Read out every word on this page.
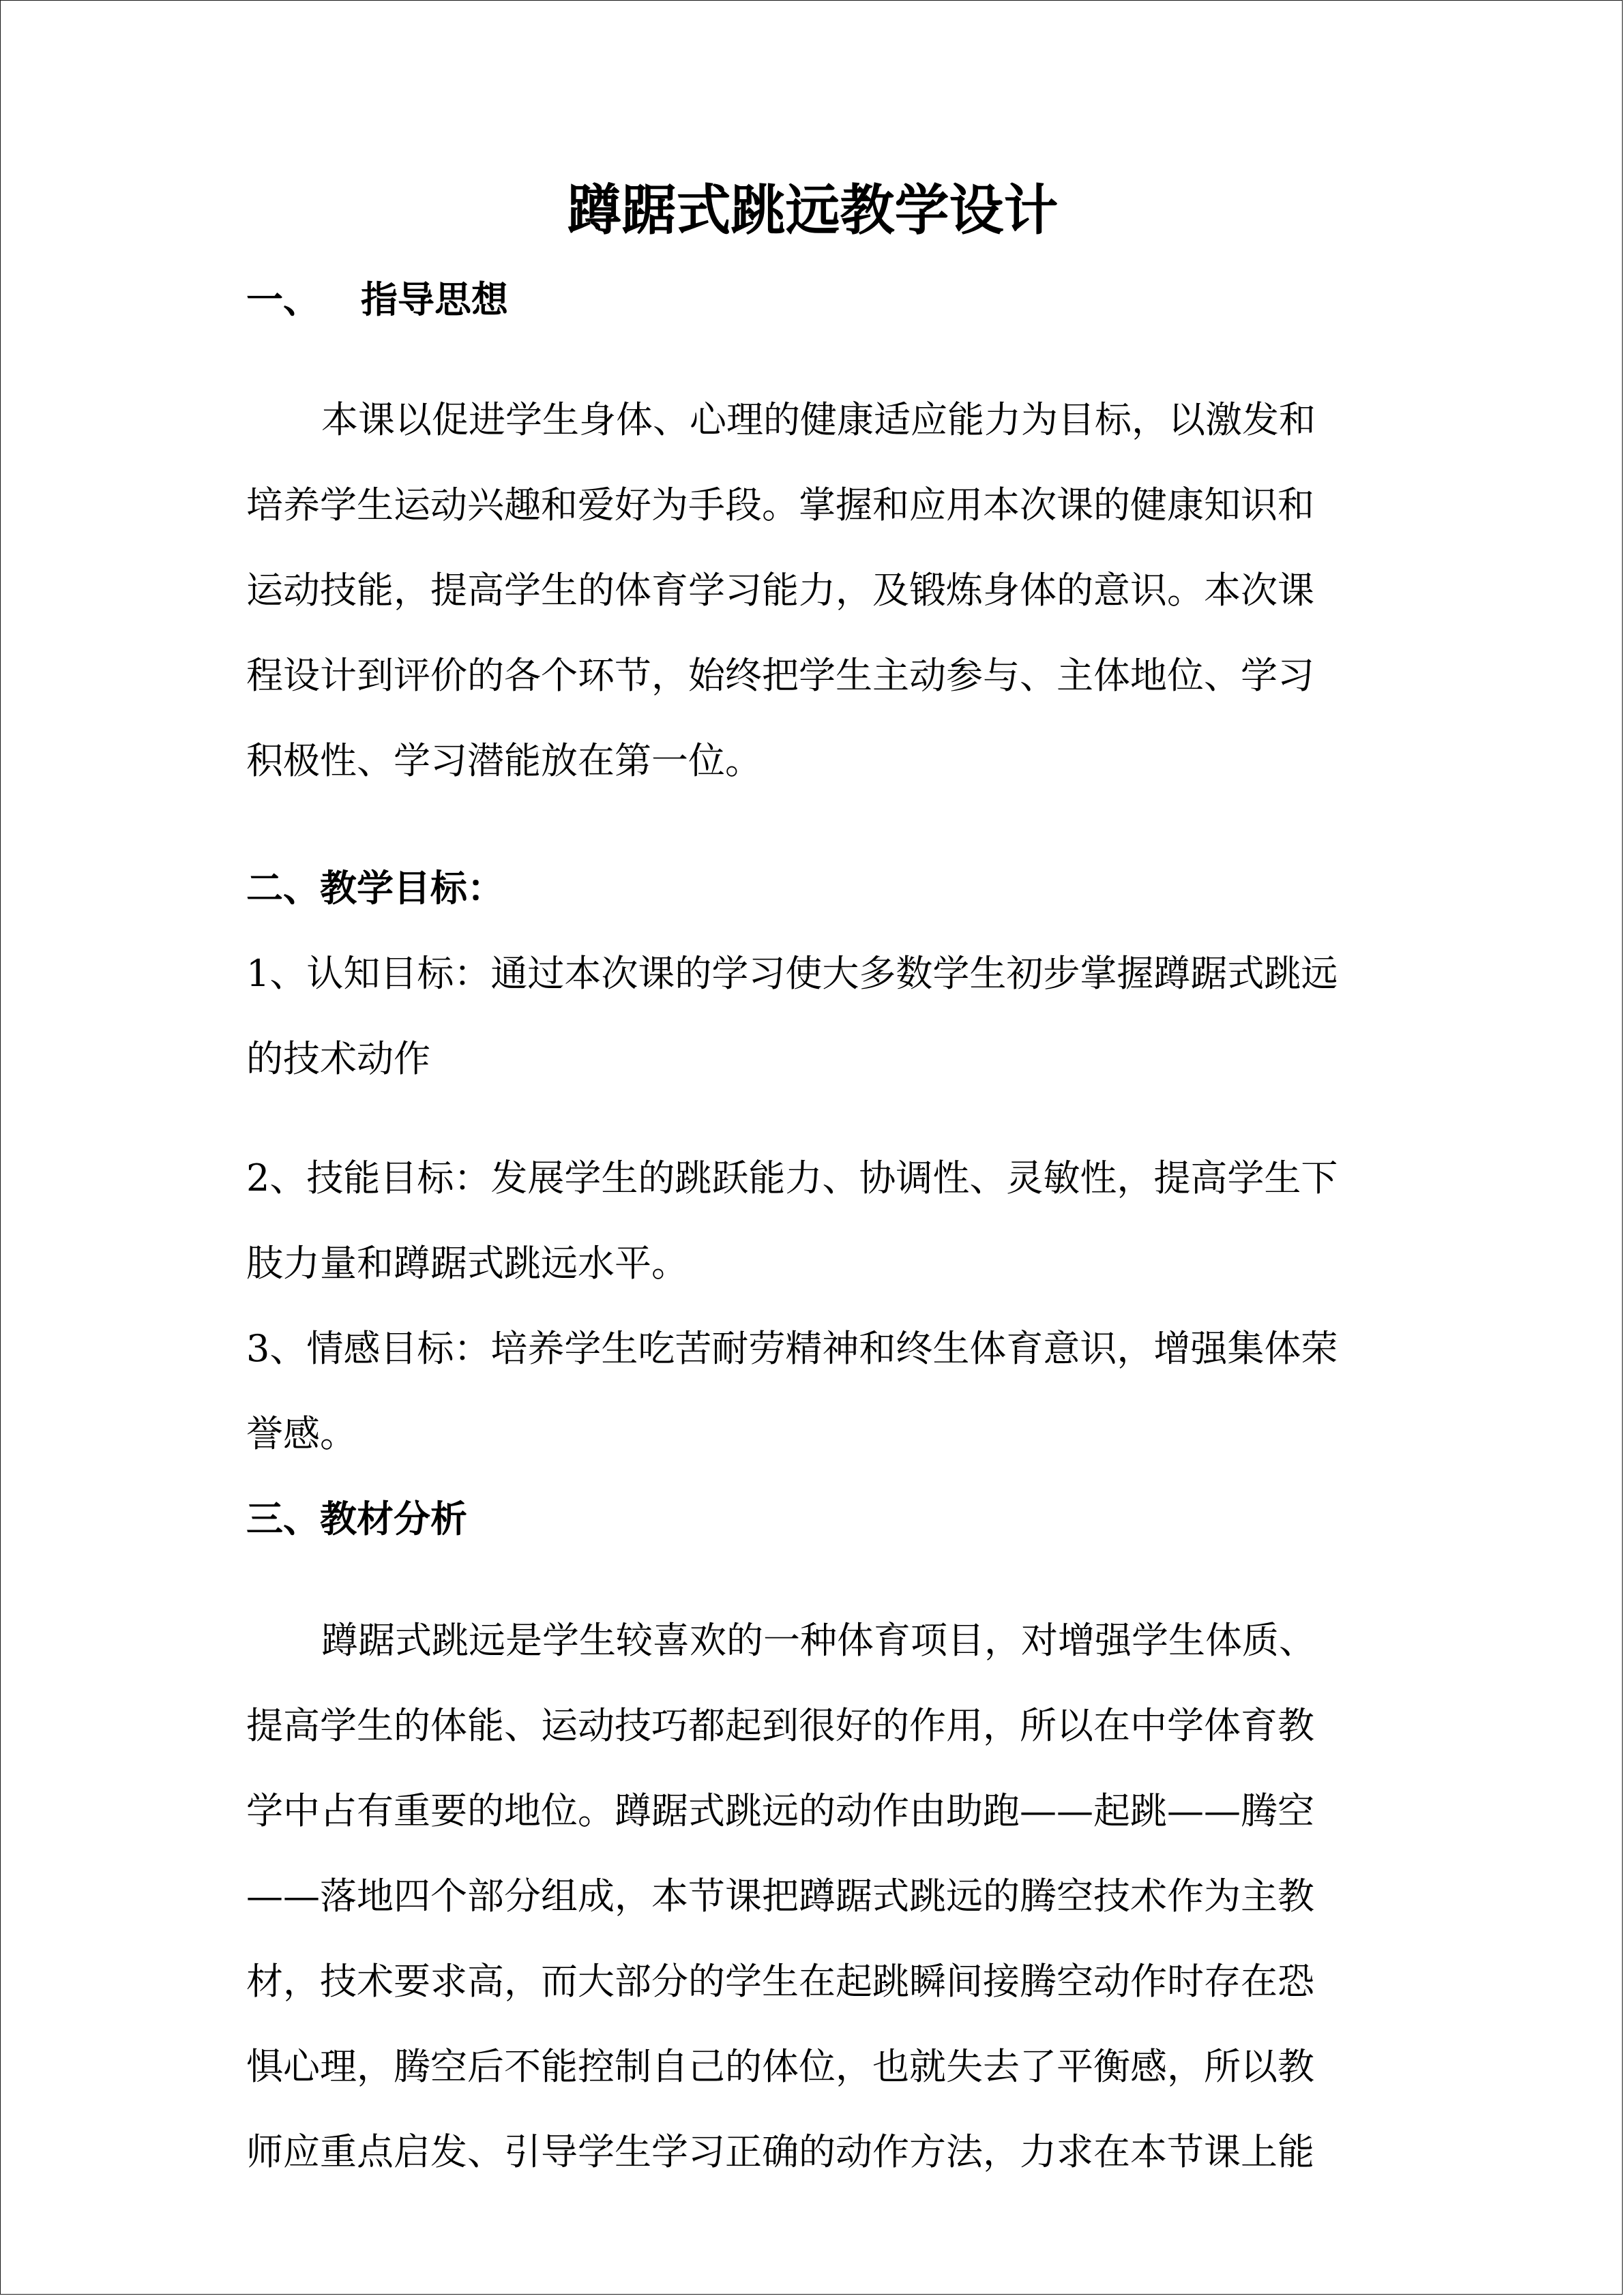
蹲踞式跳远教学设计
一、 指导思想
本课以促进学生身体、心理的健康适应能力为目标，以激发和
培养学生运动兴趣和爱好为手段。掌握和应用本次课的健康知识和
运动技能，提高学生的体育学习能力，及锻炼身体的意识。本次课
程设计到评价的各个环节，始终把学生主动参与、主体地位、学习
积极性、学习潜能放在第一位。
二、教学目标：
1、认知目标：通过本次课的学习使大多数学生初步掌握蹲踞式跳远
的技术动作
2、技能目标：发展学生的跳跃能力、协调性、灵敏性，提高学生下
肢力量和蹲踞式跳远水平。
3、情感目标：培养学生吃苦耐劳精神和终生体育意识，增强集体荣
誉感。
三、教材分析
蹲踞式跳远是学生较喜欢的一种体育项目，对增强学生体质、
提高学生的体能、运动技巧都起到很好的作用，所以在中学体育教
学中占有重要的地位。蹲踞式跳远的动作由助跑——起跳——腾空
——落地四个部分组成，本节课把蹲踞式跳远的腾空技术作为主教
材，技术要求高，而大部分的学生在起跳瞬间接腾空动作时存在恐
惧心理，腾空后不能控制自己的体位，也就失去了平衡感，所以教
师应重点启发、引导学生学习正确的动作方法，力求在本节课上能
